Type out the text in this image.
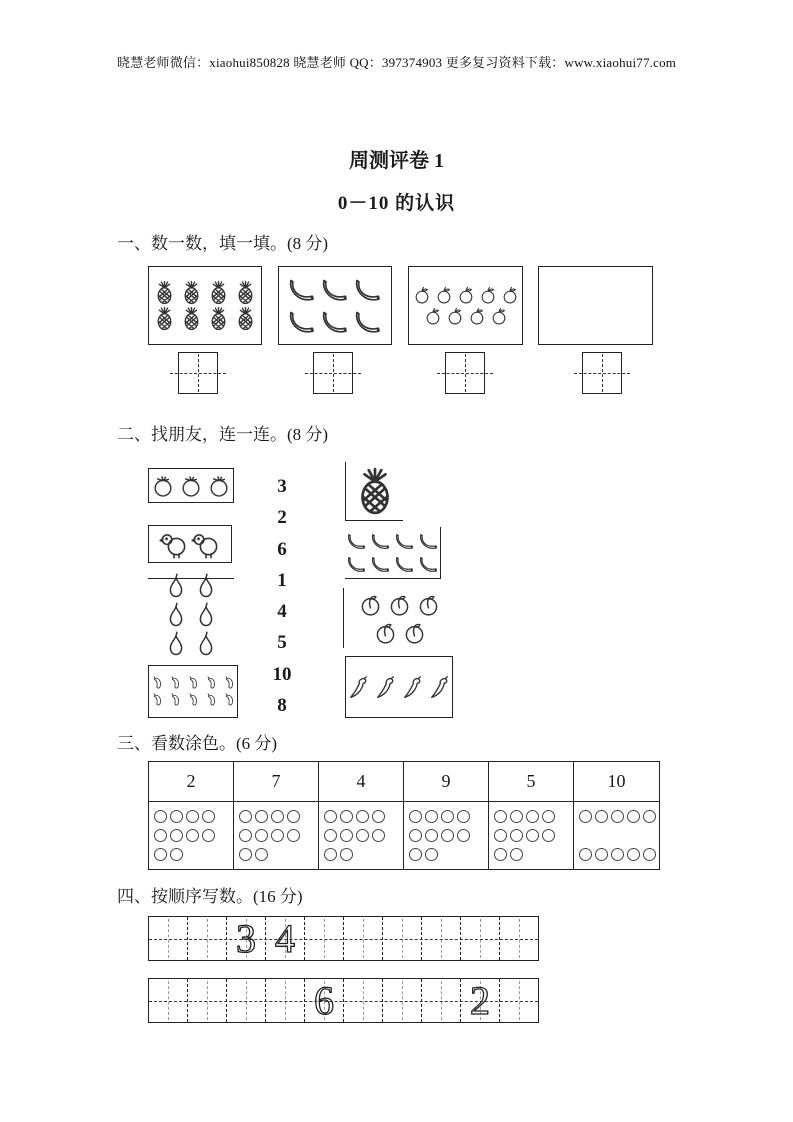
晓慧老师微信：xiaohui850828 晓慧老师 QQ：397374903 更多复习资料下载：www.xiaohui77.com
周测评卷 1
0－10 的认识
一、数一数，填一填。(8 分)
二、找朋友，连一连。(8 分)
3
2
6
1
4
5
10
8
三、看数涂色。(6 分)
2	7	4	9	5	10
四、按顺序写数。(16 分)
3 4
6	2
